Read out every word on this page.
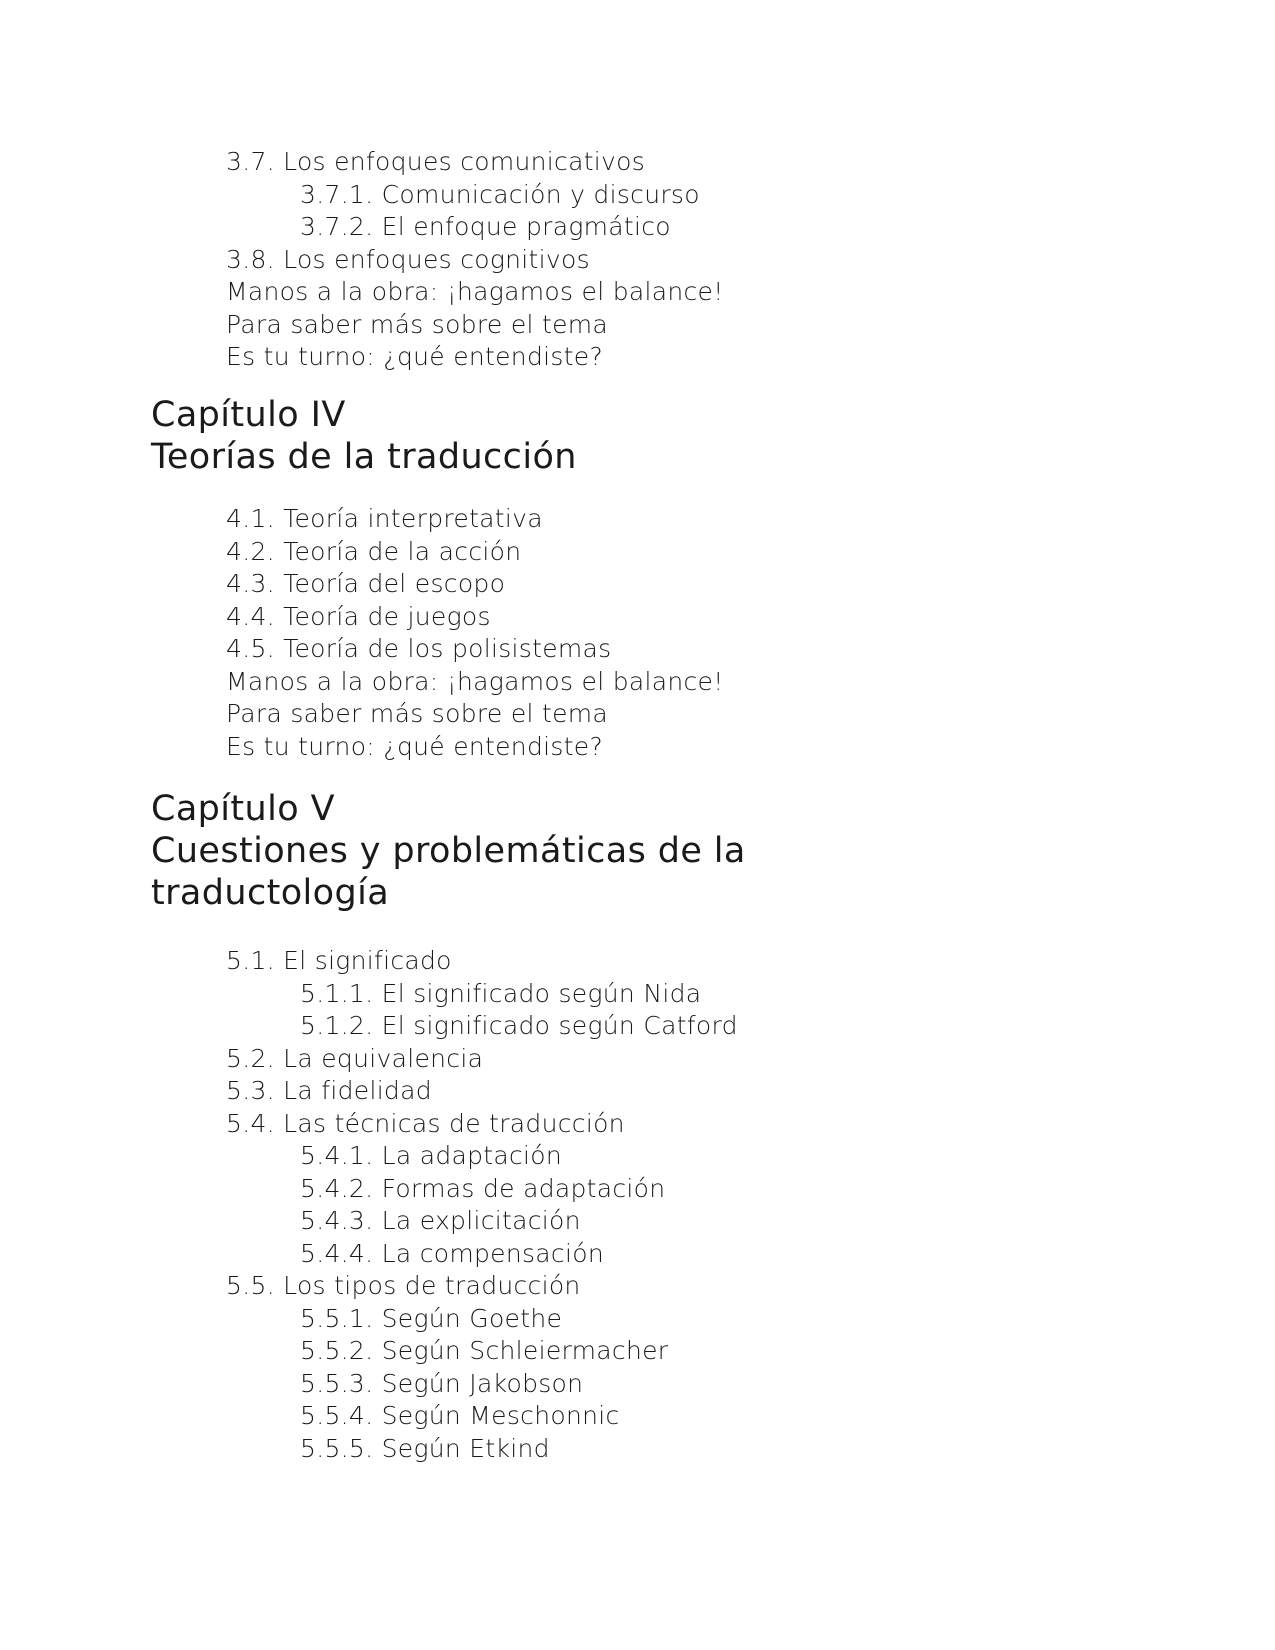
3.7. Los enfoques comunicativos

3.7.1. Comunicación y discurso

3.7.2. El enfoque pragmático

3.8. Los enfoques cognitivos

Manos a la obra: ¡hagamos el balance!

Para saber más sobre el tema

Es tu turno: ¿qué entendiste?

Capítulo IV
Teorías de la traducción

4.1. Teoría interpretativa

4.2. Teoría de la acción

4.3. Teoría del escopo

4.4. Teoría de juegos

4.5. Teoría de los polisistemas

Manos a la obra: ¡hagamos el balance!

Para saber más sobre el tema

Es tu turno: ¿qué entendiste?

Capítulo V
Cuestiones y problemáticas de la
traductología

5.1. El significado

5.1.1. El significado según Nida

5.1.2. El significado según Catford

5.2. La equivalencia

5.3. La fidelidad

5.4. Las técnicas de traducción

5.4.1. La adaptación

5.4.2. Formas de adaptación

5.4.3. La explicitación

5.4.4. La compensación

5.5. Los tipos de traducción

5.5.1. Según Goethe

5.5.2. Según Schleiermacher

5.5.3. Según Jakobson

5.5.4. Según Meschonnic

5.5.5. Según Etkind
